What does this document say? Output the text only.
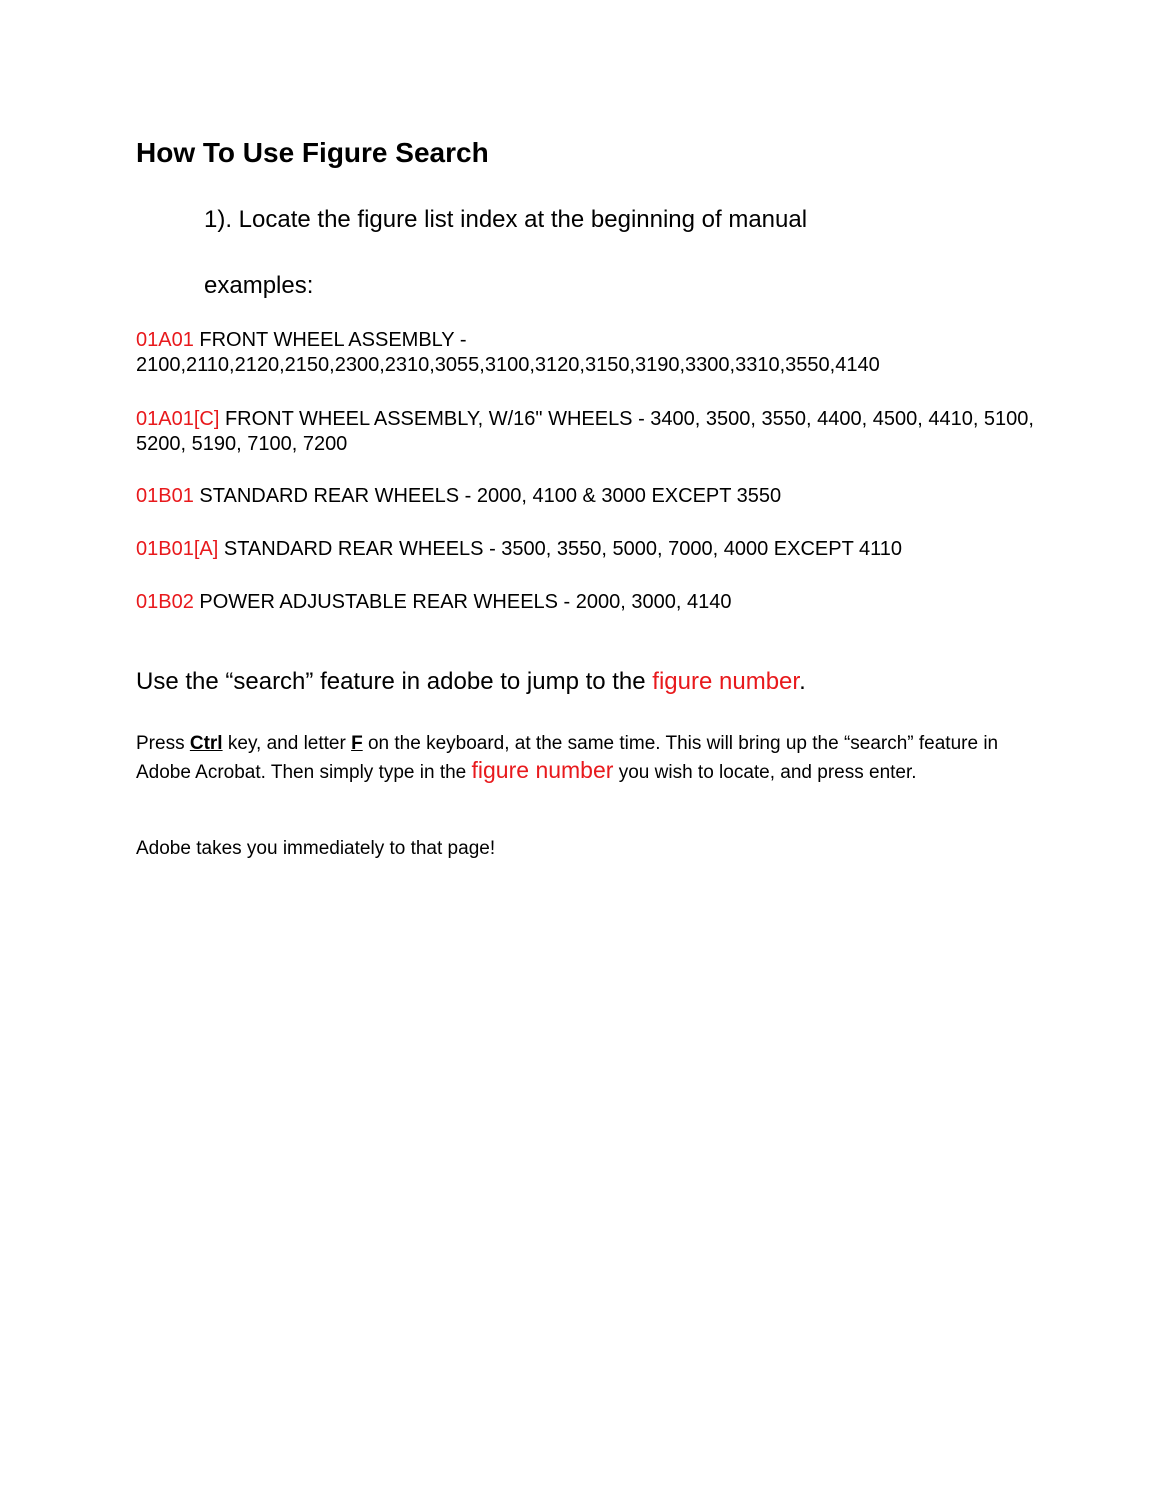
How To Use Figure Search

1). Locate the figure list index at the beginning of manual

examples:

01A01 FRONT WHEEL ASSEMBLY - 2100,2110,2120,2150,2300,2310,3055,3100,3120,3150,3190,3300,3310,3550,4140

01A01[C] FRONT WHEEL ASSEMBLY, W/16" WHEELS - 3400, 3500, 3550, 4400, 4500, 4410, 5100, 5200, 5190, 7100, 7200

01B01 STANDARD REAR WHEELS - 2000, 4100 & 3000 EXCEPT 3550

01B01[A] STANDARD REAR WHEELS - 3500, 3550, 5000, 7000, 4000 EXCEPT 4110

01B02 POWER ADJUSTABLE REAR WHEELS - 2000, 3000, 4140

Use the “search” feature in adobe to jump to the figure number.

Press Ctrl key, and letter F on the keyboard, at the same time. This will bring up the “search” feature in Adobe Acrobat. Then simply type in the figure number you wish to locate, and press enter.

Adobe takes you immediately to that page!
